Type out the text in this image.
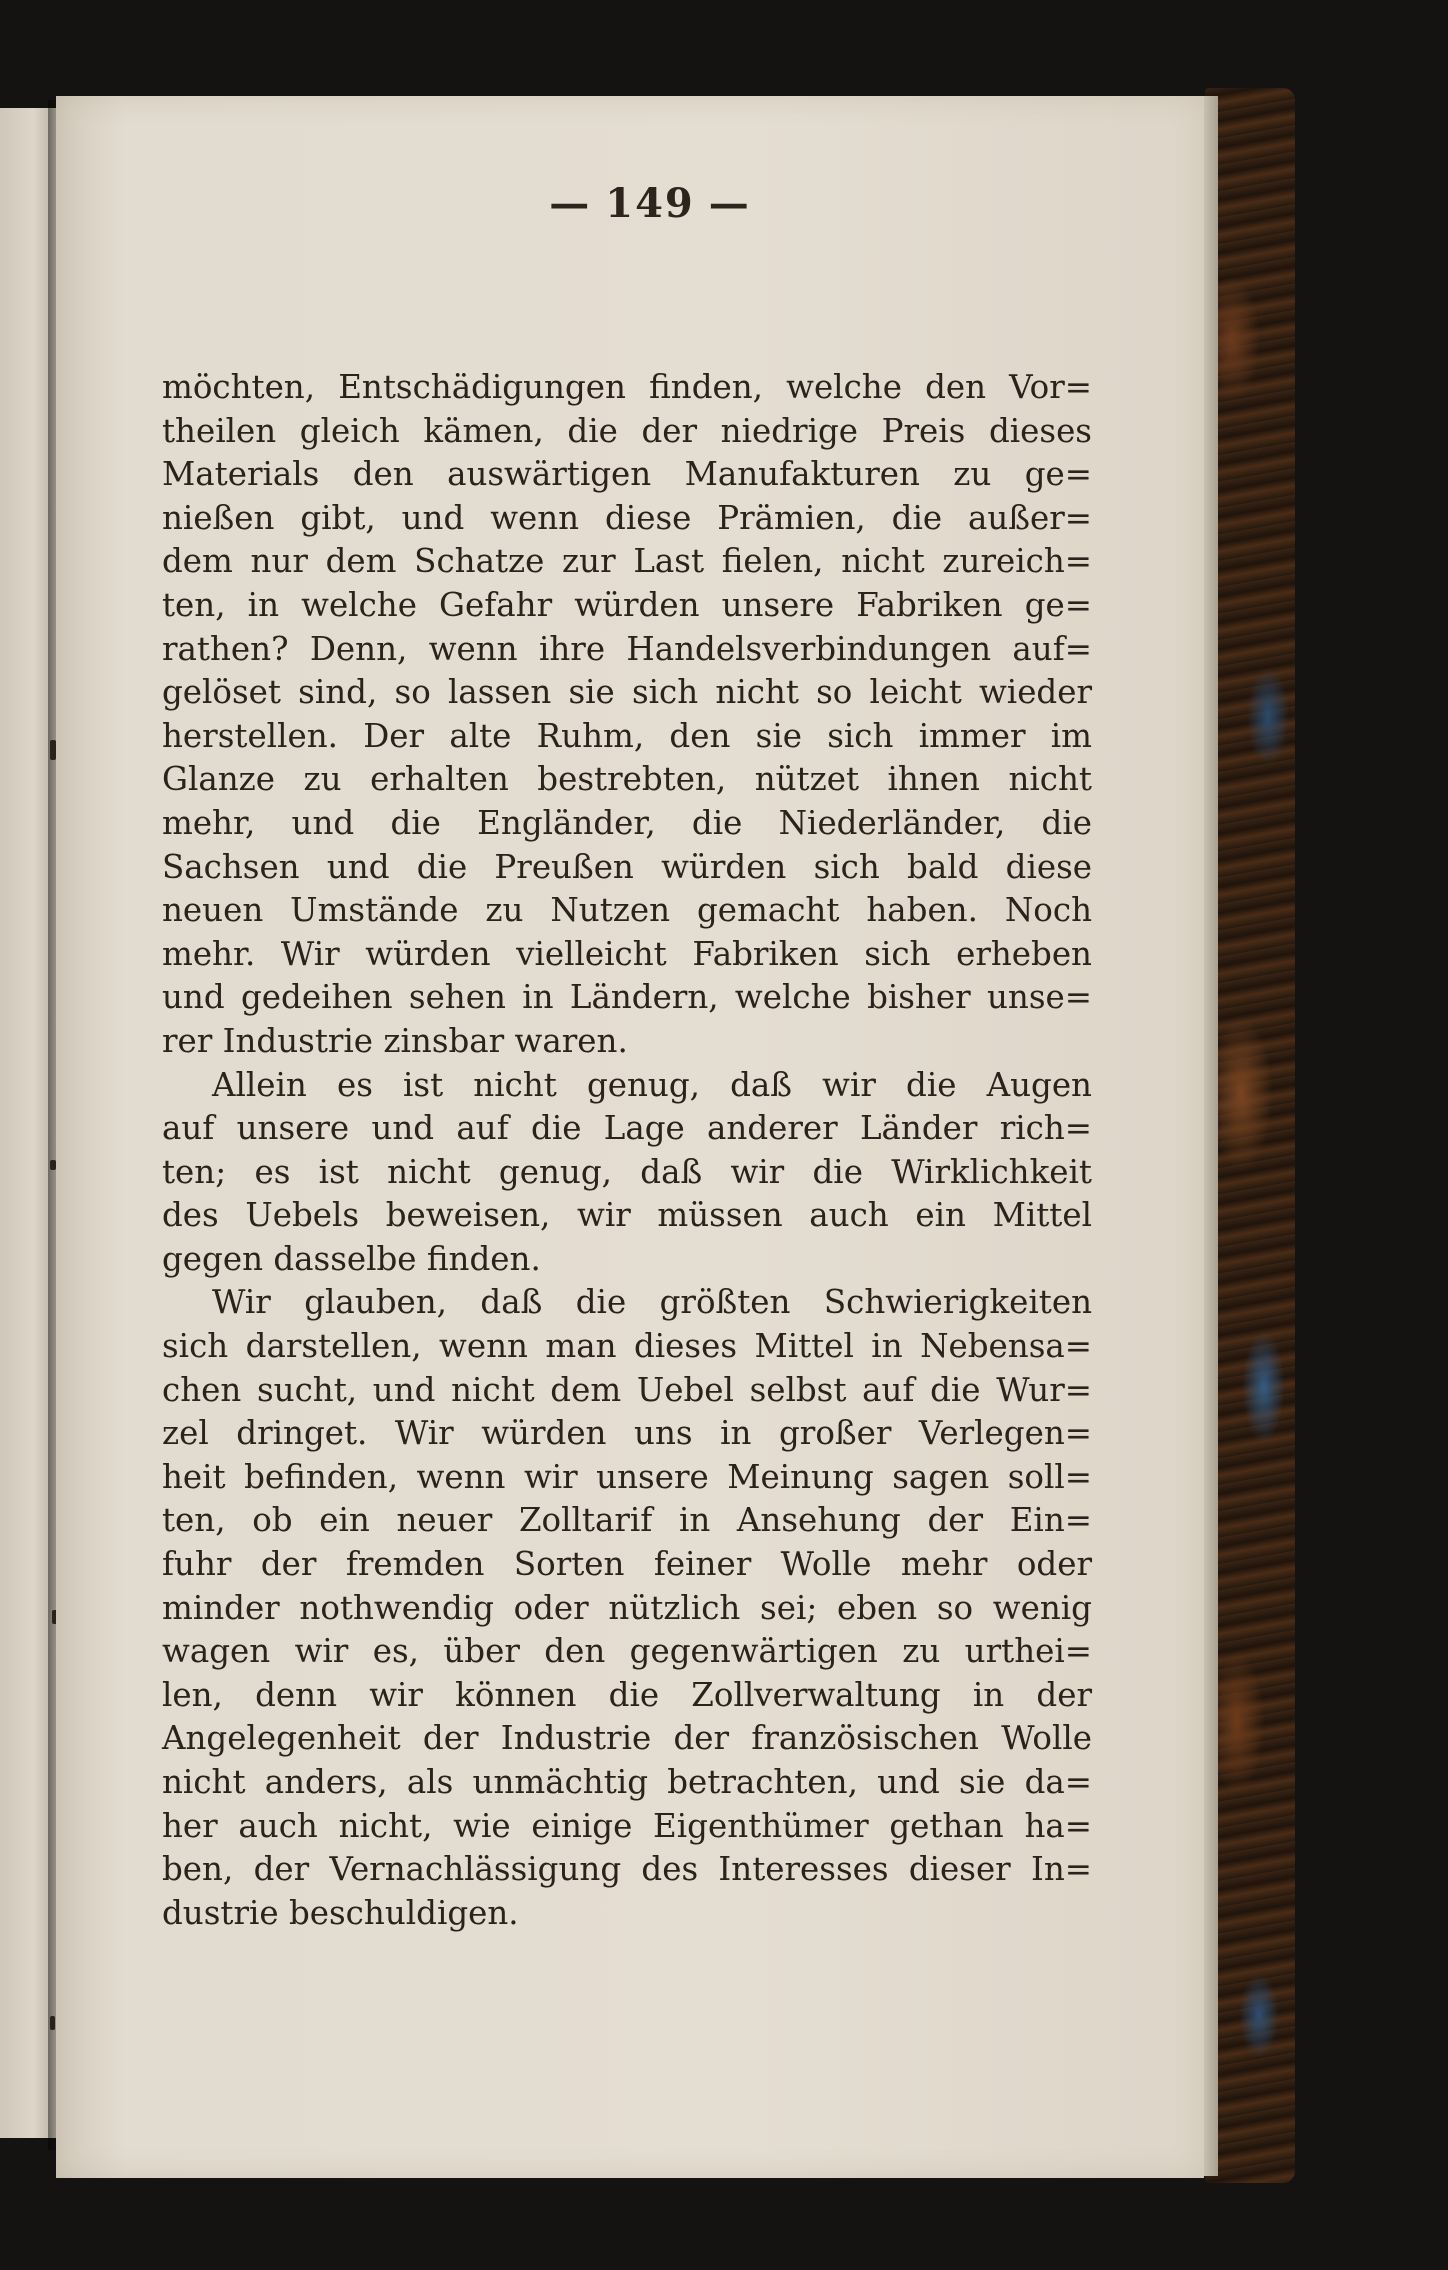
— 149 —
möchten, Entschädigungen finden, welche den Vor=
theilen gleich kämen, die der niedrige Preis dieses
Materials den auswärtigen Manufakturen zu ge=
nießen gibt, und wenn diese Prämien, die außer=
dem nur dem Schatze zur Last fielen, nicht zureich=
ten, in welche Gefahr würden unsere Fabriken ge=
rathen? Denn, wenn ihre Handelsverbindungen auf=
gelöset sind, so lassen sie sich nicht so leicht wieder
herstellen. Der alte Ruhm, den sie sich immer im
Glanze zu erhalten bestrebten, nützet ihnen nicht
mehr, und die Engländer, die Niederländer, die
Sachsen und die Preußen würden sich bald diese
neuen Umstände zu Nutzen gemacht haben. Noch
mehr. Wir würden vielleicht Fabriken sich erheben
und gedeihen sehen in Ländern, welche bisher unse=
rer Industrie zinsbar waren.
Allein es ist nicht genug, daß wir die Augen
auf unsere und auf die Lage anderer Länder rich=
ten; es ist nicht genug, daß wir die Wirklichkeit
des Uebels beweisen, wir müssen auch ein Mittel
gegen dasselbe finden.
Wir glauben, daß die größten Schwierigkeiten
sich darstellen, wenn man dieses Mittel in Nebensa=
chen sucht, und nicht dem Uebel selbst auf die Wur=
zel dringet. Wir würden uns in großer Verlegen=
heit befinden, wenn wir unsere Meinung sagen soll=
ten, ob ein neuer Zolltarif in Ansehung der Ein=
fuhr der fremden Sorten feiner Wolle mehr oder
minder nothwendig oder nützlich sei; eben so wenig
wagen wir es, über den gegenwärtigen zu urthei=
len, denn wir können die Zollverwaltung in der
Angelegenheit der Industrie der französischen Wolle
nicht anders, als unmächtig betrachten, und sie da=
her auch nicht, wie einige Eigenthümer gethan ha=
ben, der Vernachlässigung des Interesses dieser In=
dustrie beschuldigen.
